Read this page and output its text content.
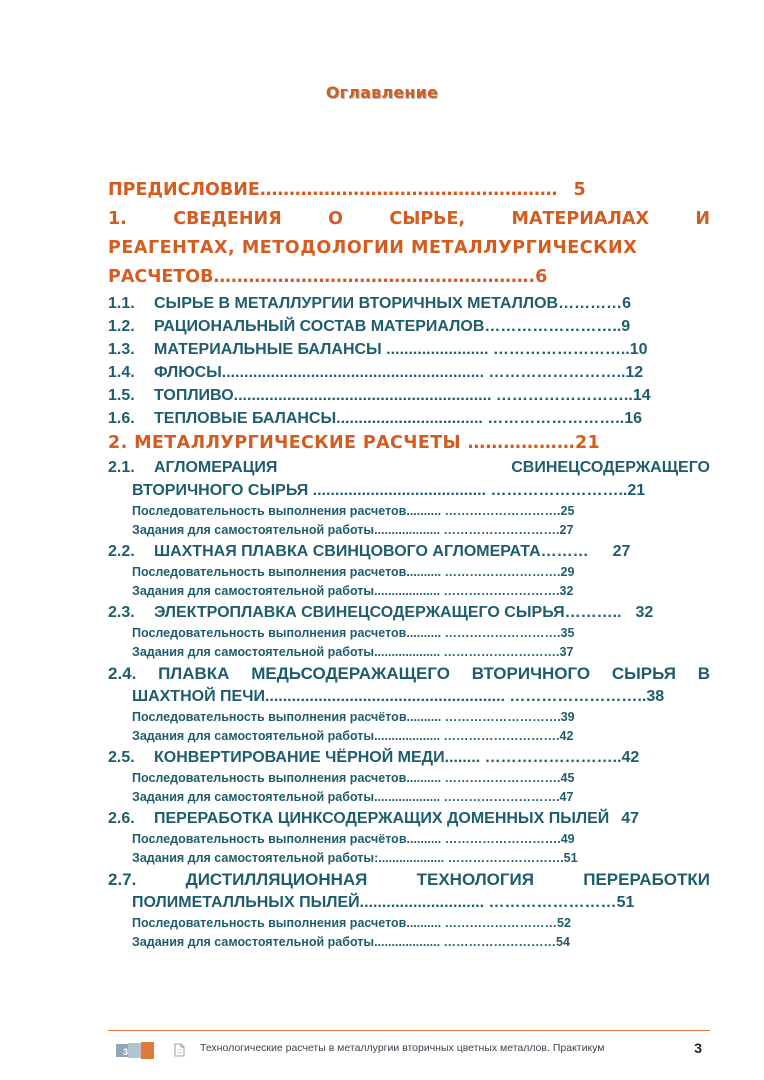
Оглавление
ПРЕДИСЛОВИЕ…………………………………………… 5
1. СВЕДЕНИЯ	О	СЫРЬЕ,	МАТЕРИАЛАХ	И
РЕАГЕНТАХ, МЕТОДОЛОГИИ МЕТАЛЛУРГИЧЕСКИХ
РАСЧЕТОВ……………………………………………….6
1.1. СЫРЬЕ В МЕТАЛЛУРГИИ ВТОРИЧНЫХ МЕТАЛЛОВ…………6
1.2. РАЦИОНАЛЬНЫЙ СОСТАВ МАТЕРИАЛОВ……………………..9
1.3. МАТЕРИАЛЬНЫЕ БАЛАНСЫ ....................... ……………………..10
1.4. ФЛЮСЫ........................................................... ……………………..12
1.5. ТОПЛИВО.......................................................... ……………………..14
1.6. ТЕПЛОВЫЕ БАЛАНСЫ................................. ……………………..16
2. МЕТАЛЛУРГИЧЕСКИЕ РАСЧЕТЫ ………………21
2.1. АГЛОМЕРАЦИЯ	СВИНЕЦСОДЕРЖАЩЕГО
ВТОРИЧНОГО СЫРЬЯ ....................................... ……………………..21
Последовательность выполнения расчетов.......... ……………………….25
Задания для самостоятельной работы................... ……………………….27
2.2. ШАХТНАЯ ПЛАВКА СВИНЦОВОГО АГЛОМЕРАТА……… 27
Последовательность выполнения расчетов.......... ……………………….29
Задания для самостоятельной работы................... ……………………….32
2.3. ЭЛЕКТРОПЛАВКА СВИНЕЦСОДЕРЖАЩЕГО СЫРЬЯ……….. 32
Последовательность выполнения расчетов.......... ……………………….35
Задания для самостоятельной работы................... ……………………….37
2.4. ПЛАВКА МЕДЬСОДЕРАЖАЩЕГО ВТОРИЧНОГО СЫРЬЯ В
ШАХТНОЙ ПЕЧИ...................................................... ……………………..38
Последовательность выполнения расчётов.......... ……………………….39
Задания для самостоятельной работы................... ……………………….42
2.5. КОНВЕРТИРОВАНИЕ ЧЁРНОЙ МЕДИ........ ……………………..42
Последовательность выполнения расчетов.......... ……………………….45
Задания для самостоятельной работы................... ……………………….47
2.6. ПЕРЕРАБОТКА ЦИНКСОДЕРЖАЩИХ ДОМЕННЫХ ПЫЛЕЙ 47
Последовательность выполнения расчётов.......... ……………………….49
Задания для самостоятельной работы:................... ……………………….51
2.7.	ДИСТИЛЛЯЦИОННАЯ	ТЕХНОЛОГИЯ	ПЕРЕРАБОТКИ
ПОЛИМЕТАЛЛЬНЫХ ПЫЛЕЙ............................ ……………………51
Последовательность выполнения расчетов.......... ………………………52
Задания для самостоятельной работы................... ………………………54
3	Технологические расчеты в металлургии вторичных цветных металлов. Практикум	3
